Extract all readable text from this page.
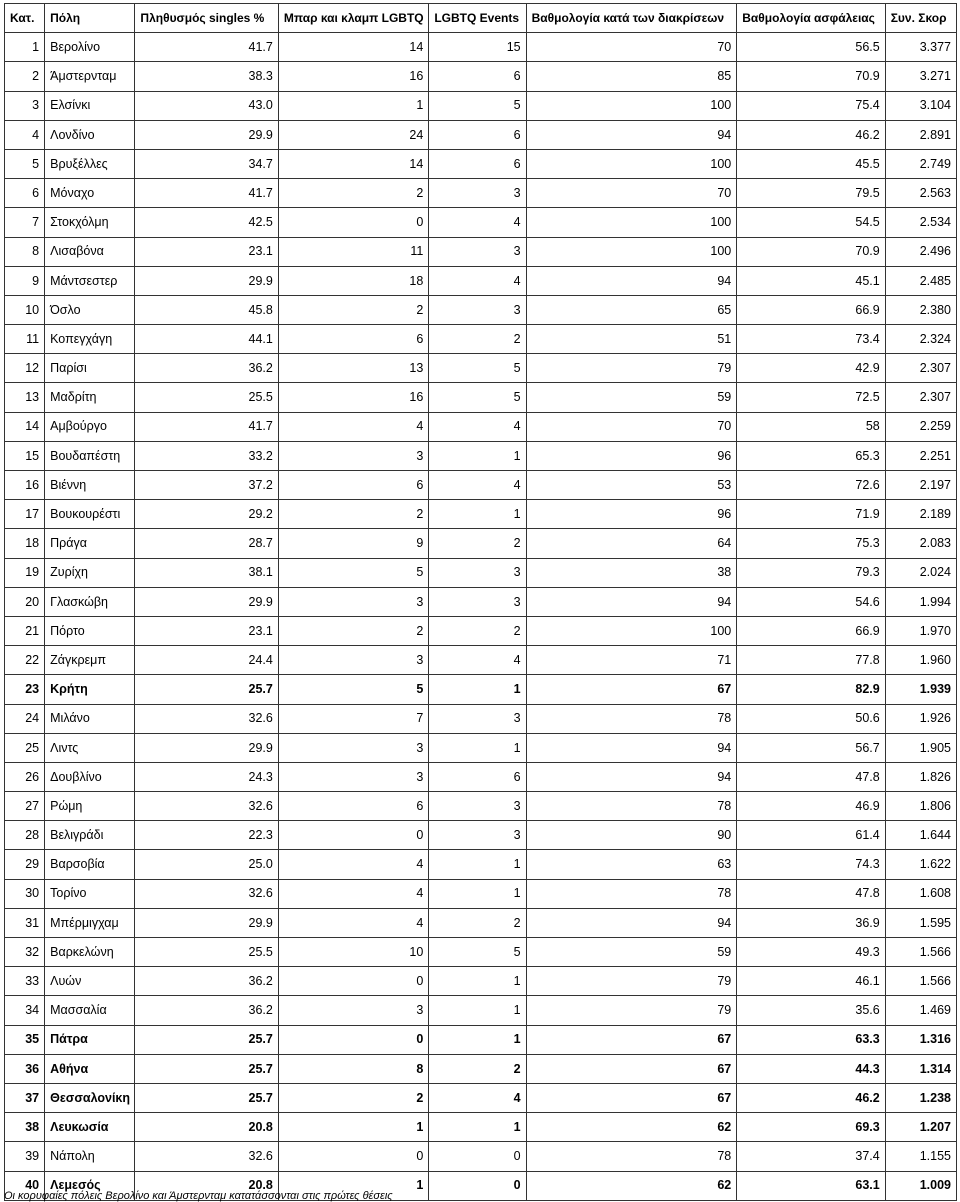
Κατ.	Πόλη	Πληθυσμός singles %	Μπαρ και κλαμπ LGBTQ	LGBTQ Events	Βαθμολογία κατά των διακρίσεων	Βαθμολογία ασφάλειας	Συν. Σκορ
1	Βερολίνο	41.7	14	15	70	56.5	3.377
2	Άμστερνταμ	38.3	16	6	85	70.9	3.271
3	Ελσίνκι	43.0	1	5	100	75.4	3.104
4	Λονδίνο	29.9	24	6	94	46.2	2.891
5	Βρυξέλλες	34.7	14	6	100	45.5	2.749
6	Μόναχο	41.7	2	3	70	79.5	2.563
7	Στοκχόλμη	42.5	0	4	100	54.5	2.534
8	Λισαβόνα	23.1	11	3	100	70.9	2.496
9	Μάντσεστερ	29.9	18	4	94	45.1	2.485
10	Όσλο	45.8	2	3	65	66.9	2.380
11	Κοπεγχάγη	44.1	6	2	51	73.4	2.324
12	Παρίσι	36.2	13	5	79	42.9	2.307
13	Μαδρίτη	25.5	16	5	59	72.5	2.307
14	Αμβούργο	41.7	4	4	70	58	2.259
15	Βουδαπέστη	33.2	3	1	96	65.3	2.251
16	Βιέννη	37.2	6	4	53	72.6	2.197
17	Βουκουρέστι	29.2	2	1	96	71.9	2.189
18	Πράγα	28.7	9	2	64	75.3	2.083
19	Ζυρίχη	38.1	5	3	38	79.3	2.024
20	Γλασκώβη	29.9	3	3	94	54.6	1.994
21	Πόρτο	23.1	2	2	100	66.9	1.970
22	Ζάγκρεμπ	24.4	3	4	71	77.8	1.960
23	Κρήτη	25.7	5	1	67	82.9	1.939
24	Μιλάνο	32.6	7	3	78	50.6	1.926
25	Λιντς	29.9	3	1	94	56.7	1.905
26	Δουβλίνο	24.3	3	6	94	47.8	1.826
27	Ρώμη	32.6	6	3	78	46.9	1.806
28	Βελιγράδι	22.3	0	3	90	61.4	1.644
29	Βαρσοβία	25.0	4	1	63	74.3	1.622
30	Τορίνο	32.6	4	1	78	47.8	1.608
31	Μπέρμιγχαμ	29.9	4	2	94	36.9	1.595
32	Βαρκελώνη	25.5	10	5	59	49.3	1.566
33	Λυών	36.2	0	1	79	46.1	1.566
34	Μασσαλία	36.2	3	1	79	35.6	1.469
35	Πάτρα	25.7	0	1	67	63.3	1.316
36	Αθήνα	25.7	8	2	67	44.3	1.314
37	Θεσσαλονίκη	25.7	2	4	67	46.2	1.238
38	Λευκωσία	20.8	1	1	62	69.3	1.207
39	Νάπολη	32.6	0	0	78	37.4	1.155
40	Λεμεσός	20.8	1	0	62	63.1	1.009
Οι κορυφαίες πόλεις Βερολίνο και Άμστερνταμ κατατάσσονται στις πρώτες θέσεις
